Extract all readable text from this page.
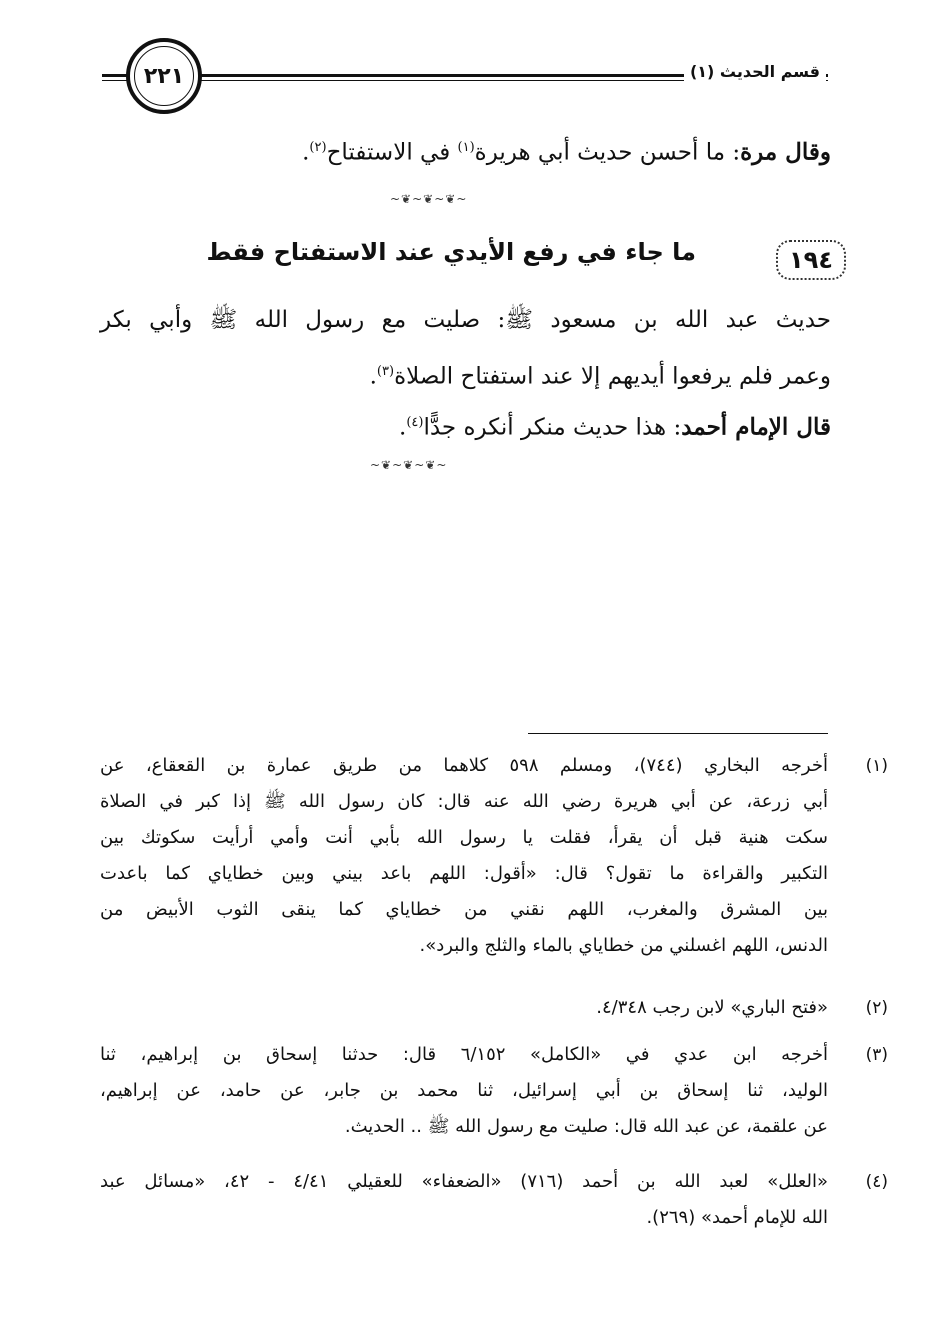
٢٢١	قسم الحديث (١)
وقال مرة: ما أحسن حديث أبي هريرة$^{(١)}$ في الاستفتاح$^{(٢)}$.
~❦~❦~❦~
١٩٤
ما جاء في رفع الأيدي عند الاستفتاح فقط
حديث عبد الله بن مسعود ﷺ: صليت مع رسول الله ﷺ وأبي بكر
وعمر فلم يرفعوا أيديهم إلا عند استفتاح الصلاة$^{(٣)}$.
قال الإمام أحمد: هذا حديث منكر أنكره جدًّا$^{(٤)}$.
~❦~❦~❦~
(١)
أخرجه البخاري (٧٤٤)، ومسلم ٥٩٨ كلاهما من طريق عمارة بن القعقاع، عن
أبي زرعة، عن أبي هريرة رضي الله عنه قال: كان رسول الله ﷺ إذا كبر في الصلاة
سكت هنية قبل أن يقرأ، فقلت يا رسول الله بأبي أنت وأمي أرأيت سكوتك بين
التكبير والقراءة ما تقول؟ قال: «أقول: اللهم باعد بيني وبين خطاياي كما باعدت
بين المشرق والمغرب، اللهم نقني من خطاياي كما ينقى الثوب الأبيض من
الدنس، اللهم اغسلني من خطاياي بالماء والثلج والبرد».
(٢)
«فتح الباري» لابن رجب ٤/٣٤٨.
(٣)
أخرجه ابن عدي في «الكامل» ٦/١٥٢ قال: حدثنا إسحاق بن إبراهيم، ثنا
الوليد، ثنا إسحاق بن أبي إسرائيل، ثنا محمد بن جابر، عن حامد، عن إبراهيم،
عن علقمة، عن عبد الله قال: صليت مع رسول الله ﷺ .. الحديث.
(٤)
«العلل» لعبد الله بن أحمد (٧١٦) «الضعفاء» للعقيلي ٤/٤١ - ٤٢، «مسائل عبد
الله للإمام أحمد» (٢٦٩).
